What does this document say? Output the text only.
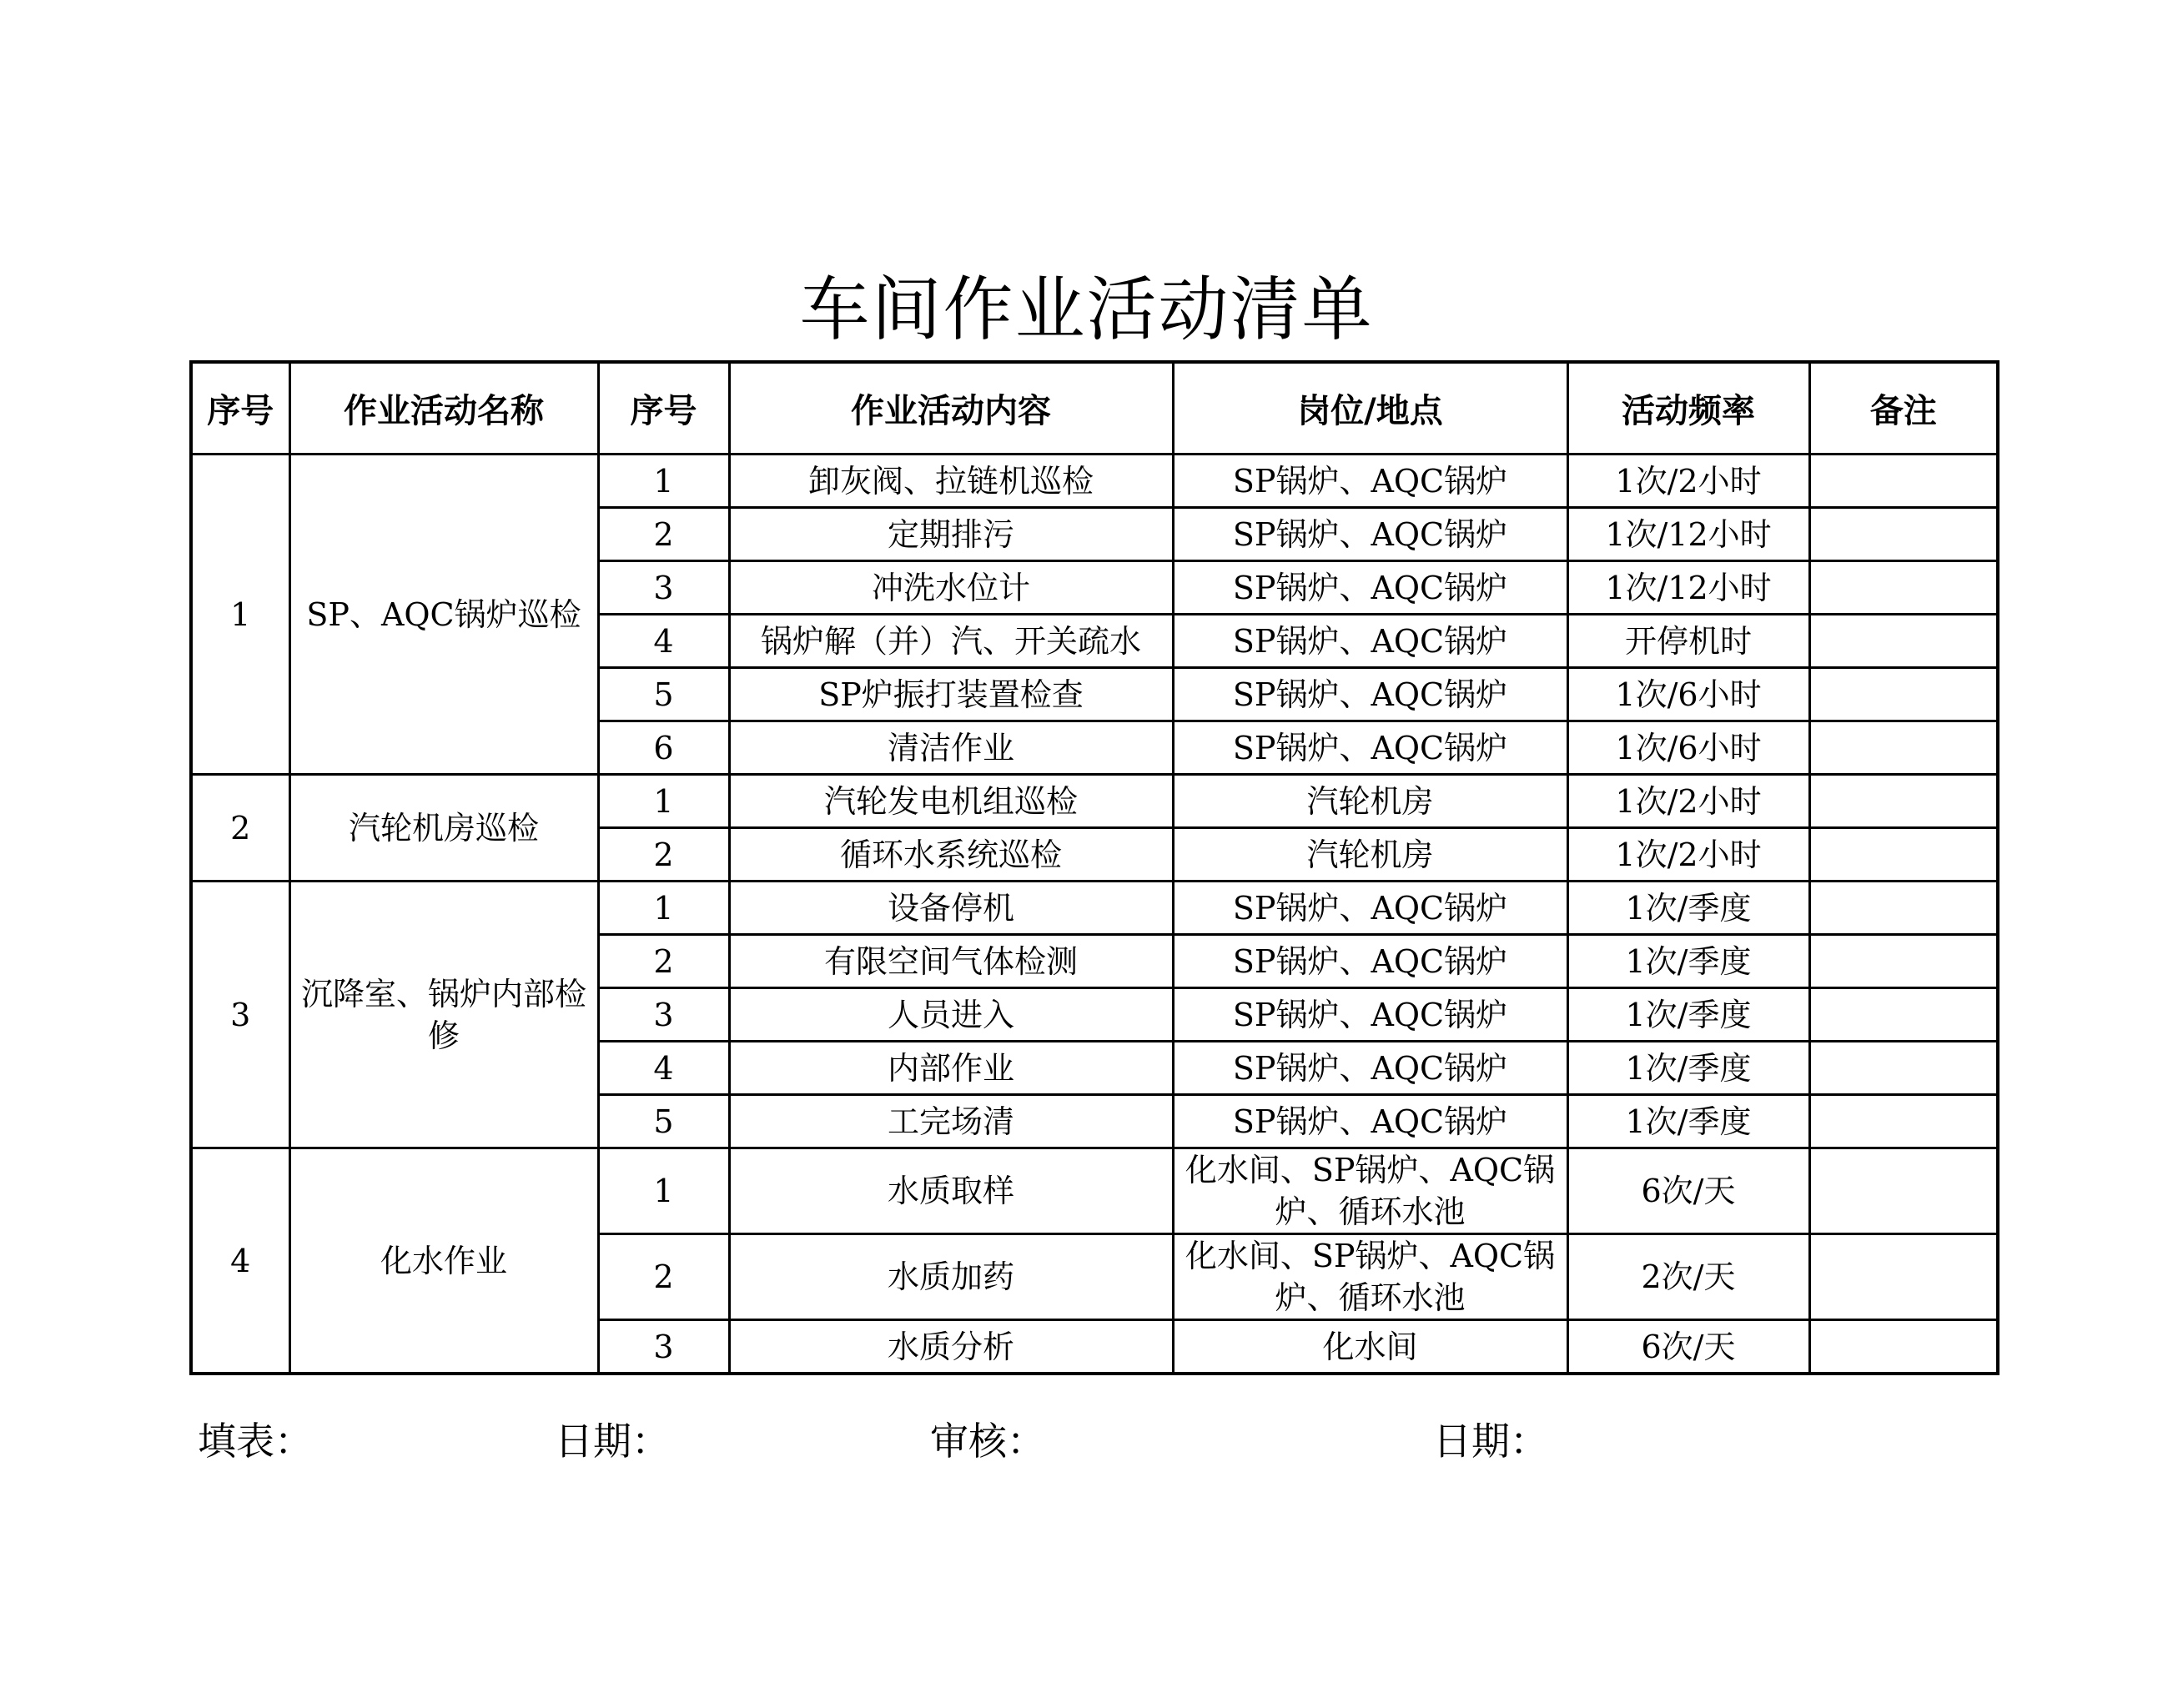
车间作业活动清单
序号	作业活动名称	序号	作业活动内容	岗位/地点	活动频率	备注
1	SP、AQC锅炉巡检	1	卸灰阀、拉链机巡检	SP锅炉、AQC锅炉	1次/2小时	
		2	定期排污	SP锅炉、AQC锅炉	1次/12小时	
		3	冲洗水位计	SP锅炉、AQC锅炉	1次/12小时	
		4	锅炉解（并）汽、开关疏水	SP锅炉、AQC锅炉	开停机时	
		5	SP炉振打装置检查	SP锅炉、AQC锅炉	1次/6小时	
		6	清洁作业	SP锅炉、AQC锅炉	1次/6小时	
2	汽轮机房巡检	1	汽轮发电机组巡检	汽轮机房	1次/2小时	
		2	循环水系统巡检	汽轮机房	1次/2小时	
3	沉降室、锅炉内部检修	1	设备停机	SP锅炉、AQC锅炉	1次/季度	
		2	有限空间气体检测	SP锅炉、AQC锅炉	1次/季度	
		3	人员进入	SP锅炉、AQC锅炉	1次/季度	
		4	内部作业	SP锅炉、AQC锅炉	1次/季度	
		5	工完场清	SP锅炉、AQC锅炉	1次/季度	
4	化水作业	1	水质取样	化水间、SP锅炉、AQC锅炉、循环水池	6次/天	
		2	水质加药	化水间、SP锅炉、AQC锅炉、循环水池	2次/天	
		3	水质分析	化水间	6次/天	
填表：	日期：	审核：	日期：
